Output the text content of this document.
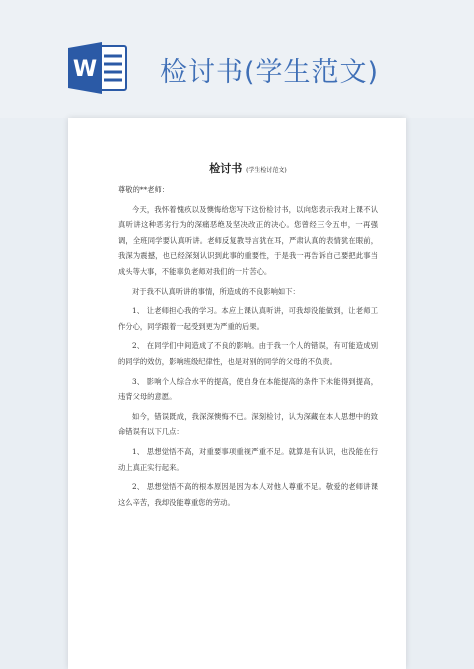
W 检讨书(学生范文)
检讨书 (学生检讨范文)

尊敬的**老师：

今天，我怀着愧疚以及懊悔给您写下这份检讨书，以向您表示我对上课不认真听讲这种恶劣行为的深痛恶绝及坚决改正的决心。您曾经三令五申，一再强调，全班同学要认真听讲。老师反复教导言犹在耳，严肃认真的表情犹在眼前，我深为震撼，也已经深刻认识到此事的重要性，于是我一再告诉自己要把此事当成头等大事，不能辜负老师对我们的一片苦心。

对于我不认真听讲的事情，所造成的不良影响如下：

1、 让老师担心我的学习。本应上课认真听讲，可我却没能做到，让老师工作分心，同学跟着一起受到更为严重的后果。

2、 在同学们中间造成了不良的影响。由于我一个人的错误，有可能造成别的同学的效仿，影响班级纪律性，也是对别的同学的父母的不负责。

3、 影响个人综合水平的提高，使自身在本能提高的条件下未能得到提高，违背父母的意愿。

如今，错误既成，我深深懊悔不已。深刻检讨，认为深藏在本人思想中的致命错误有以下几点：

1、 思想觉悟不高，对重要事项重视严重不足。就算是有认识，也没能在行动上真正实行起来。

2、 思想觉悟不高的根本原因是因为本人对他人尊重不足。敬爱的老师讲课这么辛苦，我却没能尊重您的劳动。
